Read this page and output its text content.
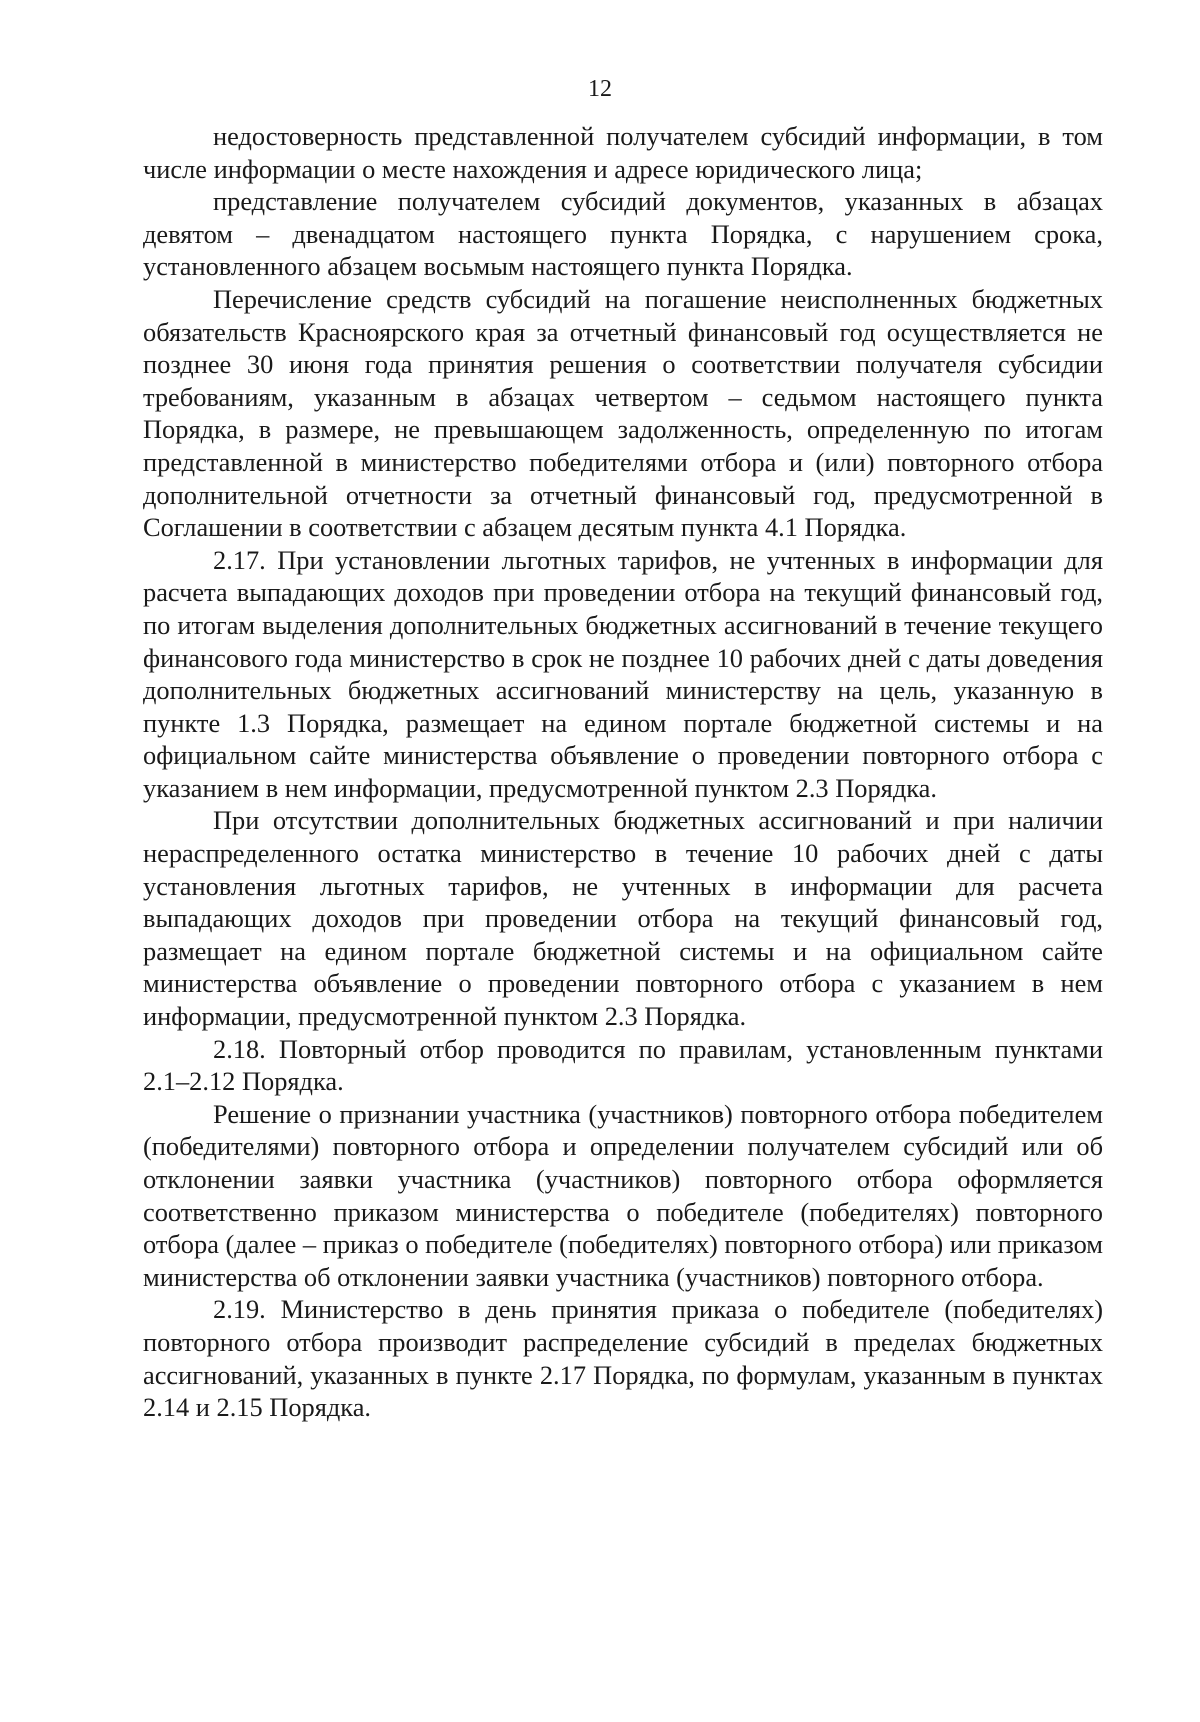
12

недостоверность представленной получателем субсидий информации, в том числе информации о месте нахождения и адресе юридического лица;

представление получателем субсидий документов, указанных в абзацах девятом – двенадцатом настоящего пункта Порядка, с нарушением срока, установленного абзацем восьмым настоящего пункта Порядка.

Перечисление средств субсидий на погашение неисполненных бюджетных обязательств Красноярского края за отчетный финансовый год осуществляется не позднее 30 июня года принятия решения о соответствии получателя субсидии требованиям, указанным в абзацах четвертом – седьмом настоящего пункта Порядка, в размере, не превышающем задолженность, определенную по итогам представленной в министерство победителями отбора и (или) повторного отбора дополнительной отчетности за отчетный финансовый год, предусмотренной в Соглашении в соответствии с абзацем десятым пункта 4.1 Порядка.

2.17. При установлении льготных тарифов, не учтенных в информации для расчета выпадающих доходов при проведении отбора на текущий финансовый год, по итогам выделения дополнительных бюджетных ассигнований в течение текущего финансового года министерство в срок не позднее 10 рабочих дней с даты доведения дополнительных бюджетных ассигнований министерству на цель, указанную в пункте 1.3 Порядка, размещает на едином портале бюджетной системы и на официальном сайте министерства объявление о проведении повторного отбора с указанием в нем информации, предусмотренной пунктом 2.3 Порядка.

При отсутствии дополнительных бюджетных ассигнований и при наличии нераспределенного остатка министерство в течение 10 рабочих дней с даты установления льготных тарифов, не учтенных в информации для расчета выпадающих доходов при проведении отбора на текущий финансовый год, размещает на едином портале бюджетной системы и на официальном сайте министерства объявление о проведении повторного отбора с указанием в нем информации, предусмотренной пунктом 2.3 Порядка.

2.18. Повторный отбор проводится по правилам, установленным пунктами 2.1–2.12 Порядка.

Решение о признании участника (участников) повторного отбора победителем (победителями) повторного отбора и определении получателем субсидий или об отклонении заявки участника (участников) повторного отбора оформляется соответственно приказом министерства о победителе (победителях) повторного отбора (далее – приказ о победителе (победителях) повторного отбора) или приказом министерства об отклонении заявки участника (участников) повторного отбора.

2.19. Министерство в день принятия приказа о победителе (победителях) повторного отбора производит распределение субсидий в пределах бюджетных ассигнований, указанных в пункте 2.17 Порядка, по формулам, указанным в пунктах 2.14 и 2.15 Порядка.
